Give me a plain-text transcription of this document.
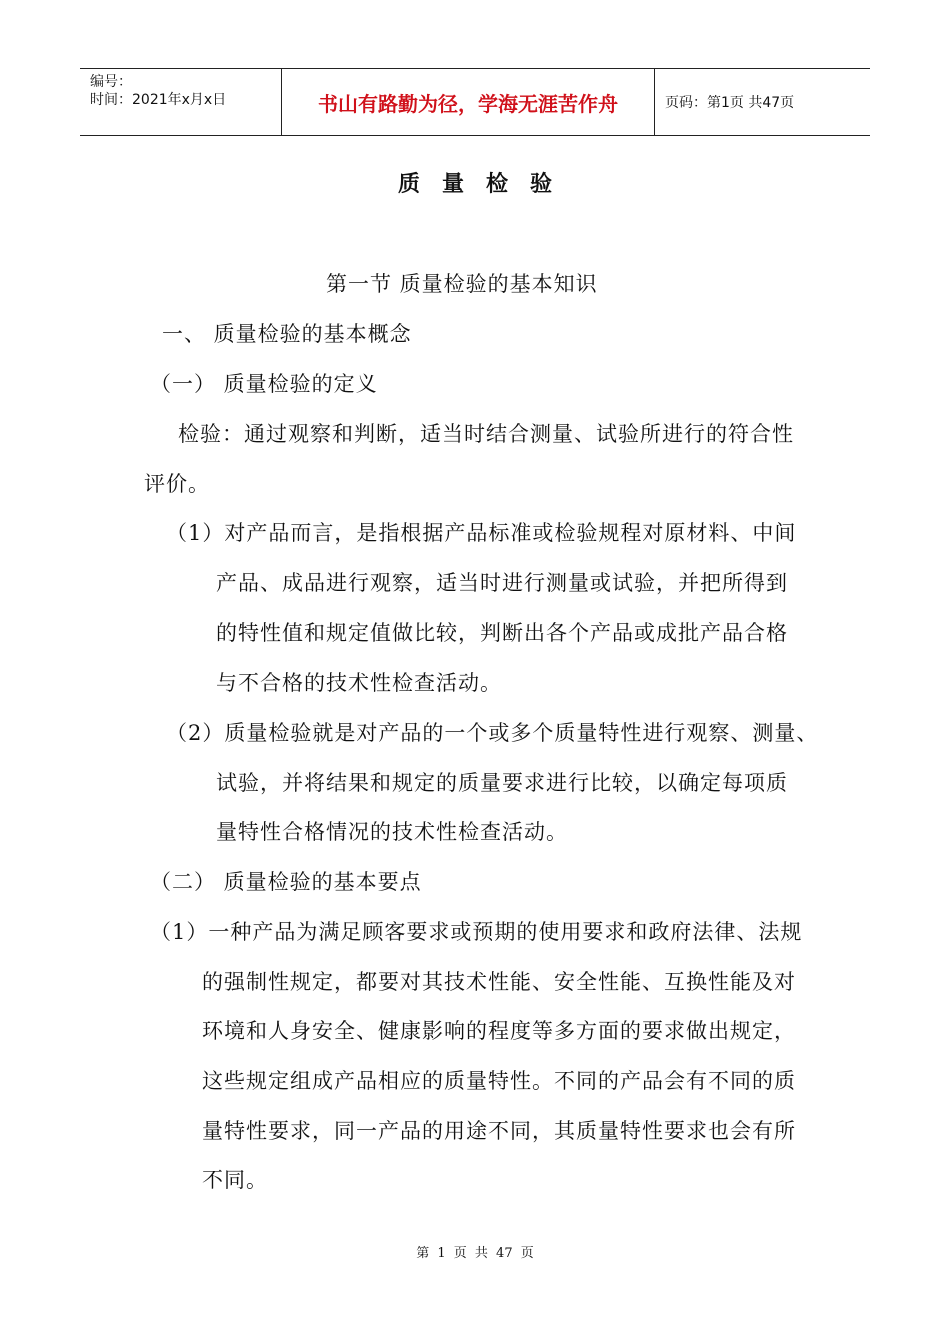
编号：
时间：2021年x月x日	书山有路勤为径，学海无涯苦作舟	页码：第1页 共47页
质量检验
第一节 质量检验的基本知识
一、 质量检验的基本概念
（一） 质量检验的定义
检验：通过观察和判断，适当时结合测量、试验所进行的符合性
评价。
（1）对产品而言，是指根据产品标准或检验规程对原材料、中间
产品、成品进行观察，适当时进行测量或试验，并把所得到
的特性值和规定值做比较，判断出各个产品或成批产品合格
与不合格的技术性检查活动。
（2）质量检验就是对产品的一个或多个质量特性进行观察、测量、
试验，并将结果和规定的质量要求进行比较，以确定每项质
量特性合格情况的技术性检查活动。
（二） 质量检验的基本要点
（1）一种产品为满足顾客要求或预期的使用要求和政府法律、法规
的强制性规定，都要对其技术性能、安全性能、互换性能及对
环境和人身安全、健康影响的程度等多方面的要求做出规定，
这些规定组成产品相应的质量特性。不同的产品会有不同的质
量特性要求，同一产品的用途不同，其质量特性要求也会有所
不同。
第 1 页 共 47 页
